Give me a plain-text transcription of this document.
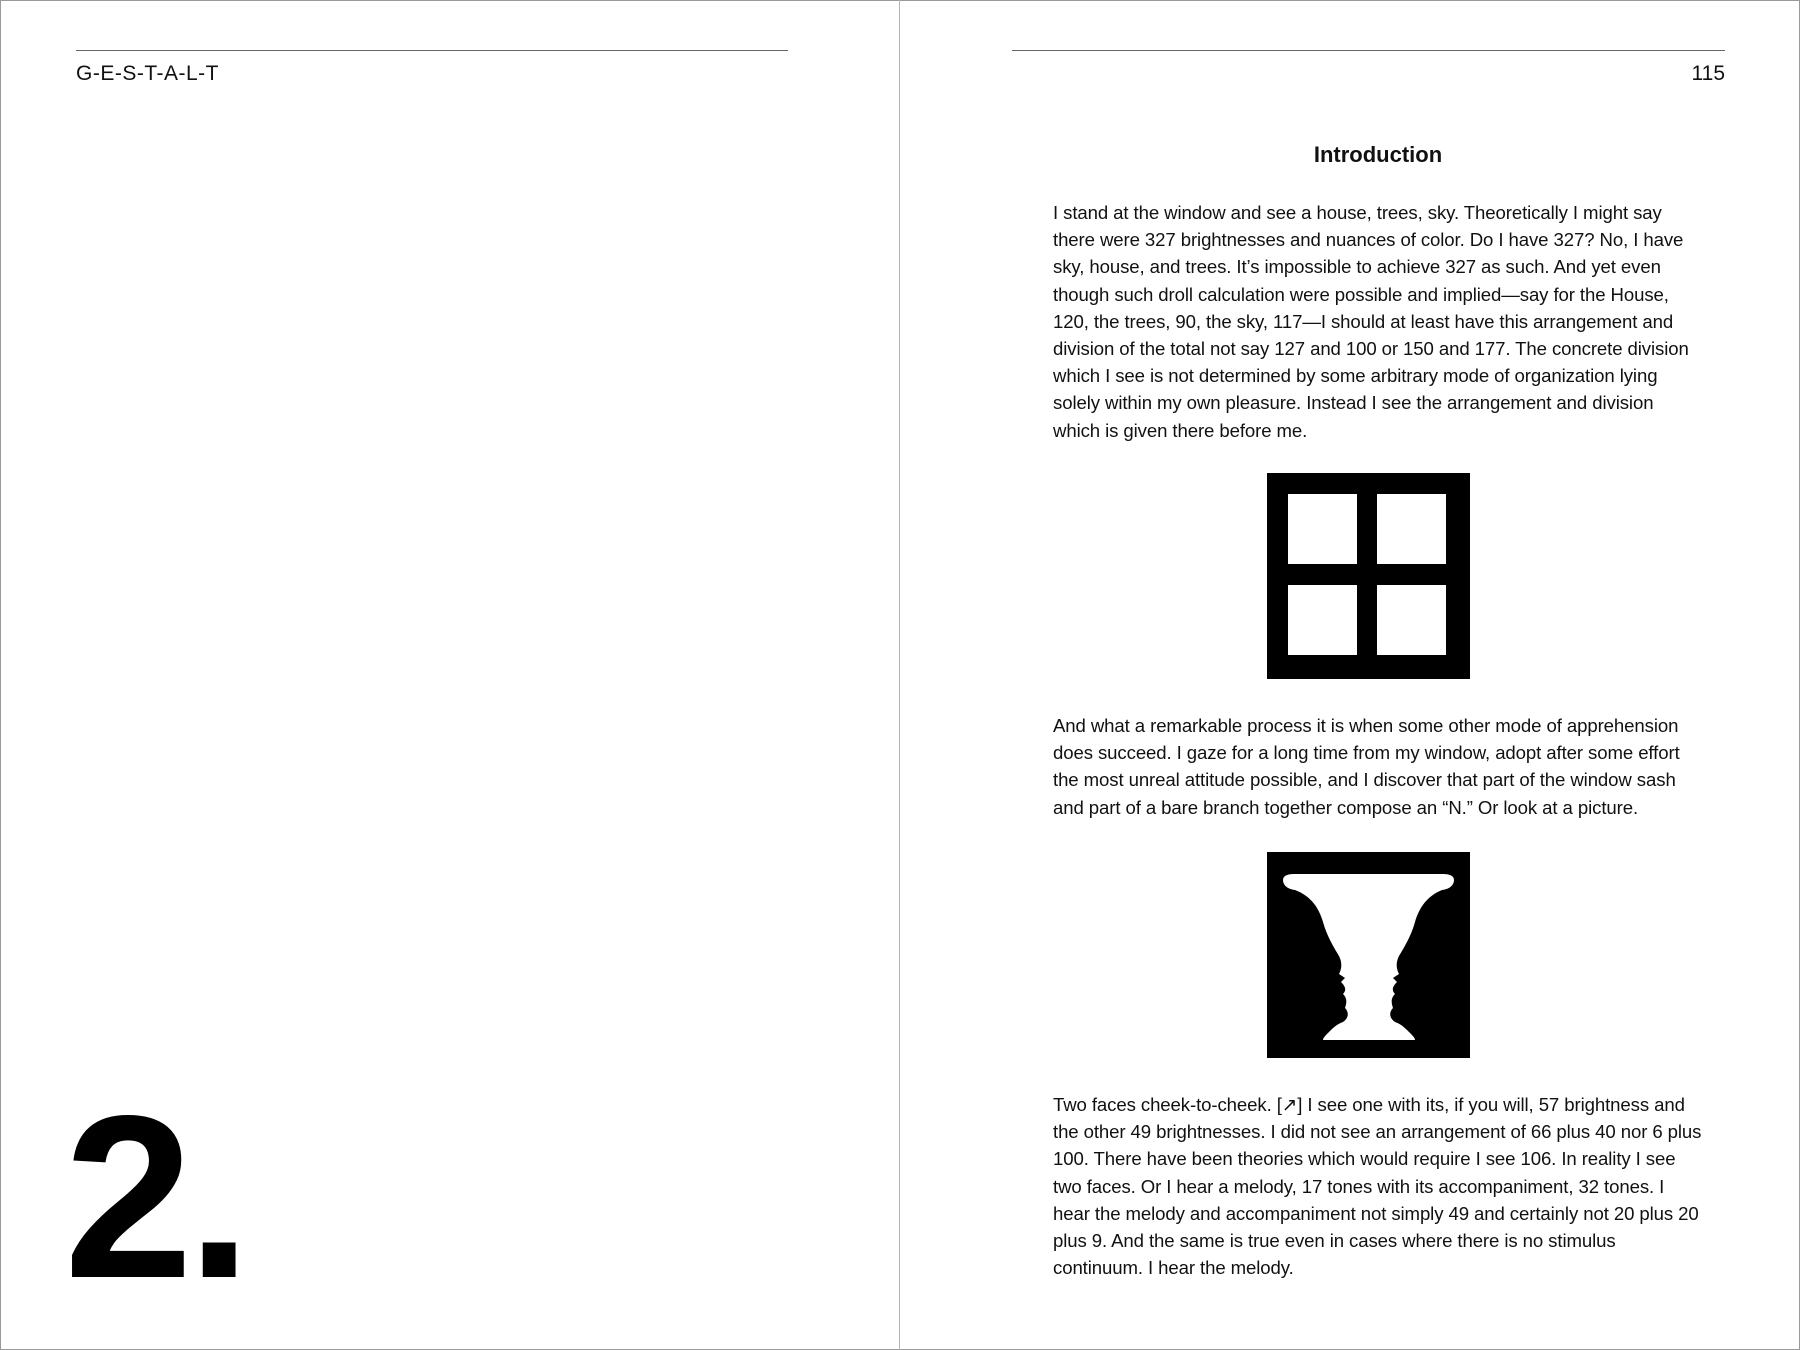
G-E-S-T-A-L-T
2.
115
Introduction

I stand at the window and see a house, trees, sky. Theoretically I might say there were 327 brightnesses and nuances of color. Do I have 327? No, I have sky, house, and trees. It’s impossible to achieve 327 as such. And yet even though such droll calculation were possible and implied—say for the House, 120, the trees, 90, the sky, 117—I should at least have this arrangement and division of the total not say 127 and 100 or 150 and 177. The concrete division which I see is not determined by some arbitrary mode of organization lying solely within my own pleasure. Instead I see the arrangement and division which is given there before me.

And what a remarkable process it is when some other mode of apprehension does succeed. I gaze for a long time from my window, adopt after some effort the most unreal attitude possible, and I discover that part of the window sash and part of a bare branch together compose an “N.” Or look at a picture.

Two faces cheek-to-cheek. [↗] I see one with its, if you will, 57 brightness and the other 49 brightnesses. I did not see an arrangement of 66 plus 40 nor 6 plus 100. There have been theories which would require I see 106. In reality I see two faces. Or I hear a melody, 17 tones with its accompaniment, 32 tones. I hear the melody and accompaniment not simply 49 and certainly not 20 plus 20 plus 9. And the same is true even in cases where there is no stimulus continuum. I hear the melody.
